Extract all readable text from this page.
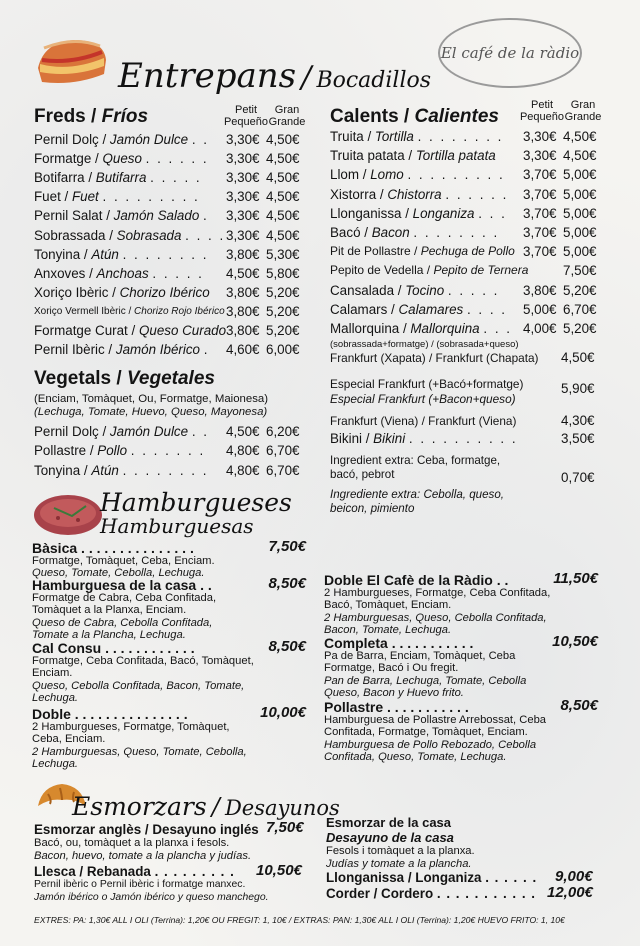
El café de la ràdio
Entrepans / Bocadillos
Freds / Fríos	Petit
Pequeño
Gran
Grande
Pernil Dolç / Jamón Dulce . . 3,30€ 4,50€
Formatge / Queso . . . . . . 3,30€ 4,50€
Botifarra / Butifarra . . . . . 3,30€ 4,50€
Fuet / Fuet . . . . . . . . . 3,30€ 4,50€
Pernil Salat / Jamón Salado . 3,30€ 4,50€
Sobrassada / Sobrasada . . . . 3,30€ 4,50€
Tonyina / Atún . . . . . . . . 3,80€ 5,30€
Anxoves / Anchoas . . . . . 4,50€ 5,80€
Xoriço Ibèric / Chorizo Ibérico 3,80€ 5,20€
Xoriço Vermell Ibèric / Chorizo Rojo Ibérico 3,80€ 5,20€
Formatge Curat / Queso Curado 3,80€ 5,20€
Pernil Ibèric / Jamón Ibérico . 4,60€ 6,00€
Vegetals / Vegetales
(Enciam, Tomàquet, Ou, Formatge, Maionesa)
(Lechuga, Tomate, Huevo, Queso, Mayonesa)
Pernil Dolç / Jamón Dulce . . 4,50€ 6,20€
Pollastre / Pollo . . . . . . . 4,80€ 6,70€
Tonyina / Atún . . . . . . . . 4,80€ 6,70€
Calents / Calientes
Petit
Pequeño
Gran
Grande
Truita / Tortilla . . . . . . . . 3,30€ 4,50€
Truita patata / Tortilla patata 3,30€ 4,50€
Llom / Lomo . . . . . . . . . 3,70€ 5,00€
Xistorra / Chistorra . . . . . . 3,70€ 5,00€
Llonganissa / Longaniza . . . 3,70€ 5,00€
Bacó / Bacon . . . . . . . . 3,70€ 5,00€
Pit de Pollastre / Pechuga de Pollo 3,70€ 5,00€
Pepito de Vedella / Pepito de Ternera	7,50€
Cansalada / Tocino . . . . . 3,80€ 5,20€
Calamars / Calamares . . . . 5,00€ 6,70€
Mallorquina / Mallorquina . . . 4,00€ 5,20€
(sobrassada+formatge) / (sobrasada+queso)
Frankfurt (Xapata) / Frankfurt (Chapata) 4,50€
Especial Frankfurt (+Bacó+formatge)
Especial Frankfurt (+Bacon+queso)
5,90€
Frankfurt (Viena) / Frankfurt (Viena)	4,30€
Bikini / Bikini . . . . . . . . . .	3,50€
Ingredient extra: Ceba, formatge,
bacó, pebrot	0,70€
Ingrediente extra: Cebolla, queso,
beicon, pimiento
Hamburgueses
Hamburguesas
Bàsica . . . . . . . . . . . . . . .	7,50€
Formatge, Tomàquet, Ceba, Enciam.
Queso, Tomate, Cebolla, Lechuga.
Hamburguesa de la casa . .	8,50€
Formatge de Cabra, Ceba Confitada,
Tomàquet a la Planxa, Enciam.
Queso de Cabra, Cebolla Confitada,
Tomate a la Plancha, Lechuga.
Cal Consu . . . . . . . . . . . .	8,50€
Formatge, Ceba Confitada, Bacó, Tomàquet,
Enciam.
Queso, Cebolla Confitada, Bacon, Tomate,
Lechuga.
Doble . . . . . . . . . . . . . . .	10,00€
2 Hamburgueses, Formatge, Tomàquet,
Ceba, Enciam.
2 Hamburguesas, Queso, Tomate, Cebolla,
Lechuga.
Doble El Cafè de la Ràdio . .	11,50€
2 Hamburgueses, Formatge, Ceba Confitada,
Bacó, Tomàquet, Enciam.
2 Hamburguesas, Queso, Cebolla Confitada,
Bacon, Tomate, Lechuga.
Completa . . . . . . . . . . .	10,50€
Pa de Barra, Enciam, Tomàquet, Ceba
Formatge, Bacó i Ou fregit.
Pan de Barra, Lechuga, Tomate, Cebolla
Queso, Bacon y Huevo frito.
Pollastre . . . . . . . . . . .	8,50€
Hamburguesa de Pollastre Arrebossat, Ceba
Confitada, Formatge, Tomàquet, Enciam.
Hamburguesa de Pollo Rebozado, Cebolla
Confitada, Queso, Tomate, Lechuga.
Esmorzars / Desayunos
Esmorzar anglès / Desayuno inglés 7,50€
Bacó, ou, tomàquet a la planxa i fesols.
Bacon, huevo, tomate a la plancha y judías.
Llesca / Rebanada . . . . . . . . . 10,50€
Pernil ibèric o Pernil ibèric i formatge manxec.
Jamón ibérico o Jamón ibérico y queso manchego.
Esmorzar de la casa
Desayuno de la casa
Fesols i tomàquet a la planxa.
Judías y tomate a la plancha.
Llonganissa / Longaniza . . . . . . 9,00€
Corder / Cordero . . . . . . . . . . . 12,00€
EXTRES: PA: 1,30€ ALL I OLI (Terrina): 1,20€ OU FREGIT: 1, 10€ / EXTRAS: PAN: 1,30€ ALL I OLI (Terrina): 1,20€ HUEVO FRITO: 1, 10€
